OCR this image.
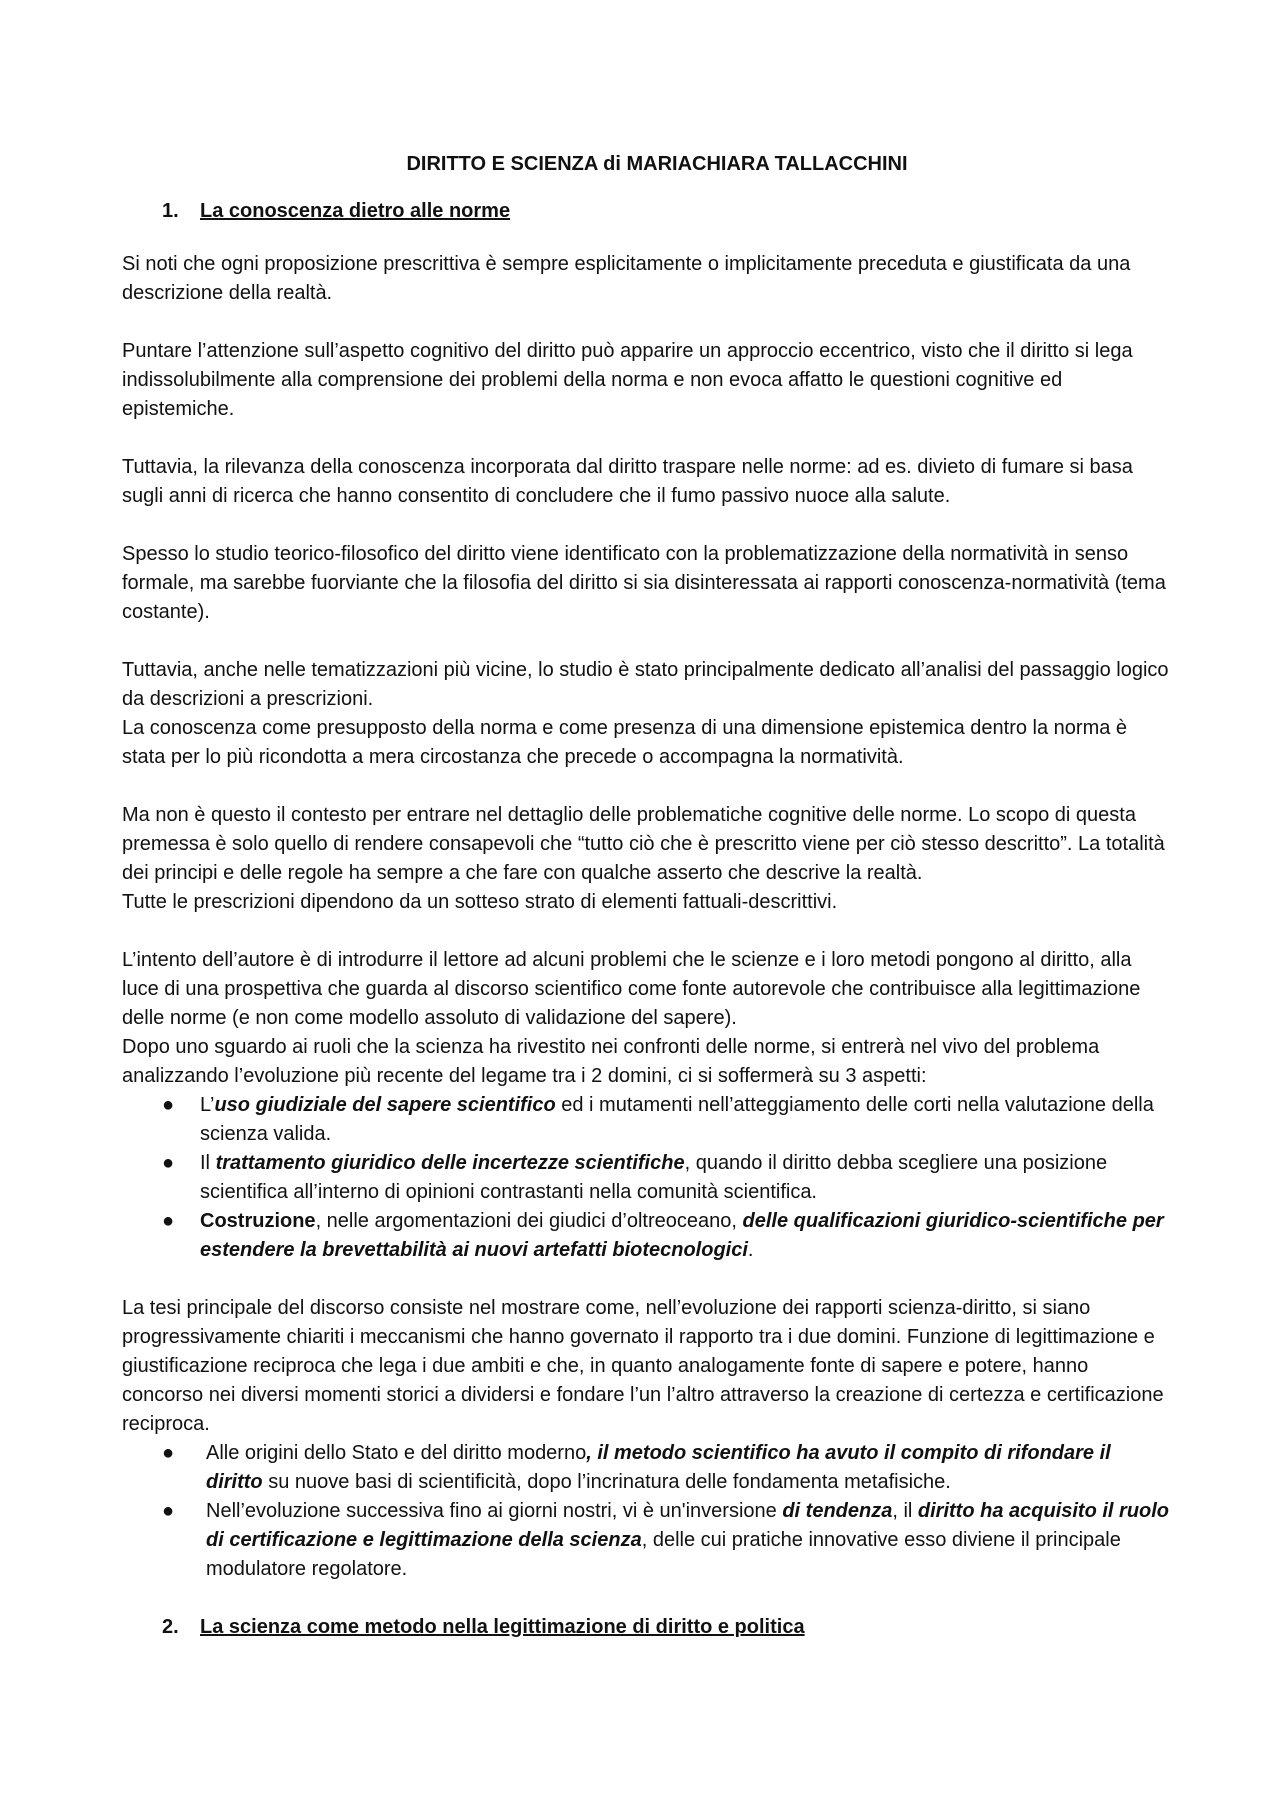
DIRITTO E SCIENZA di MARIACHIARA TALLACCHINI
1.	La conoscenza dietro alle norme

Si noti che ogni proposizione prescrittiva è sempre esplicitamente o implicitamente preceduta e giustificata da una descrizione della realtà.

Puntare l’attenzione sull’aspetto cognitivo del diritto può apparire un approccio eccentrico, visto che il diritto si lega indissolubilmente alla comprensione dei problemi della norma e non evoca affatto le questioni cognitive ed epistemiche.

Tuttavia, la rilevanza della conoscenza incorporata dal diritto traspare nelle norme: ad es. divieto di fumare si basa sugli anni di ricerca che hanno consentito di concludere che il fumo passivo nuoce alla salute.

Spesso lo studio teorico-filosofico del diritto viene identificato con la problematizzazione della normatività in senso formale, ma sarebbe fuorviante che la filosofia del diritto si sia disinteressata ai rapporti conoscenza-normatività (tema costante).

Tuttavia, anche nelle tematizzazioni più vicine, lo studio è stato principalmente dedicato all’analisi del passaggio logico da descrizioni a prescrizioni.

La conoscenza come presupposto della norma e come presenza di una dimensione epistemica dentro la norma è stata per lo più ricondotta a mera circostanza che precede o accompagna la normatività.

Ma non è questo il contesto per entrare nel dettaglio delle problematiche cognitive delle norme. Lo scopo di questa premessa è solo quello di rendere consapevoli che “tutto ciò che è prescritto viene per ciò stesso descritto”. La totalità dei principi e delle regole ha sempre a che fare con qualche asserto che descrive la realtà.

Tutte le prescrizioni dipendono da un sotteso strato di elementi fattuali-descrittivi.

L’intento dell’autore è di introdurre il lettore ad alcuni problemi che le scienze e i loro metodi pongono al diritto, alla luce di una prospettiva che guarda al discorso scientifico come fonte autorevole che contribuisce alla legittimazione delle norme (e non come modello assoluto di validazione del sapere).

Dopo uno sguardo ai ruoli che la scienza ha rivestito nei confronti delle norme, si entrerà nel vivo del problema analizzando l’evoluzione più recente del legame tra i 2 domini, ci si soffermerà su 3 aspetti:

● L’uso giudiziale del sapere scientifico ed i mutamenti nell’atteggiamento delle corti nella valutazione della scienza valida.
● Il trattamento giuridico delle incertezze scientifiche, quando il diritto debba scegliere una posizione scientifica all’interno di opinioni contrastanti nella comunità scientifica.
● Costruzione, nelle argomentazioni dei giudici d’oltreoceano, delle qualificazioni giuridico-scientifiche per estendere la brevettabilità ai nuovi artefatti biotecnologici.

La tesi principale del discorso consiste nel mostrare come, nell’evoluzione dei rapporti scienza-diritto, si siano progressivamente chiariti i meccanismi che hanno governato il rapporto tra i due domini. Funzione di legittimazione e giustificazione reciproca che lega i due ambiti e che, in quanto analogamente fonte di sapere e potere, hanno concorso nei diversi momenti storici a dividersi e fondare l’un l’altro attraverso la creazione di certezza e certificazione reciproca.

● Alle origini dello Stato e del diritto moderno, il metodo scientifico ha avuto il compito di rifondare il diritto su nuove basi di scientificità, dopo l’incrinatura delle fondamenta metafisiche.
● Nell’evoluzione successiva fino ai giorni nostri, vi è un'inversione di tendenza, il diritto ha acquisito il ruolo di certificazione e legittimazione della scienza, delle cui pratiche innovative esso diviene il principale modulatore regolatore.
2.	La scienza come metodo nella legittimazione di diritto e politica
